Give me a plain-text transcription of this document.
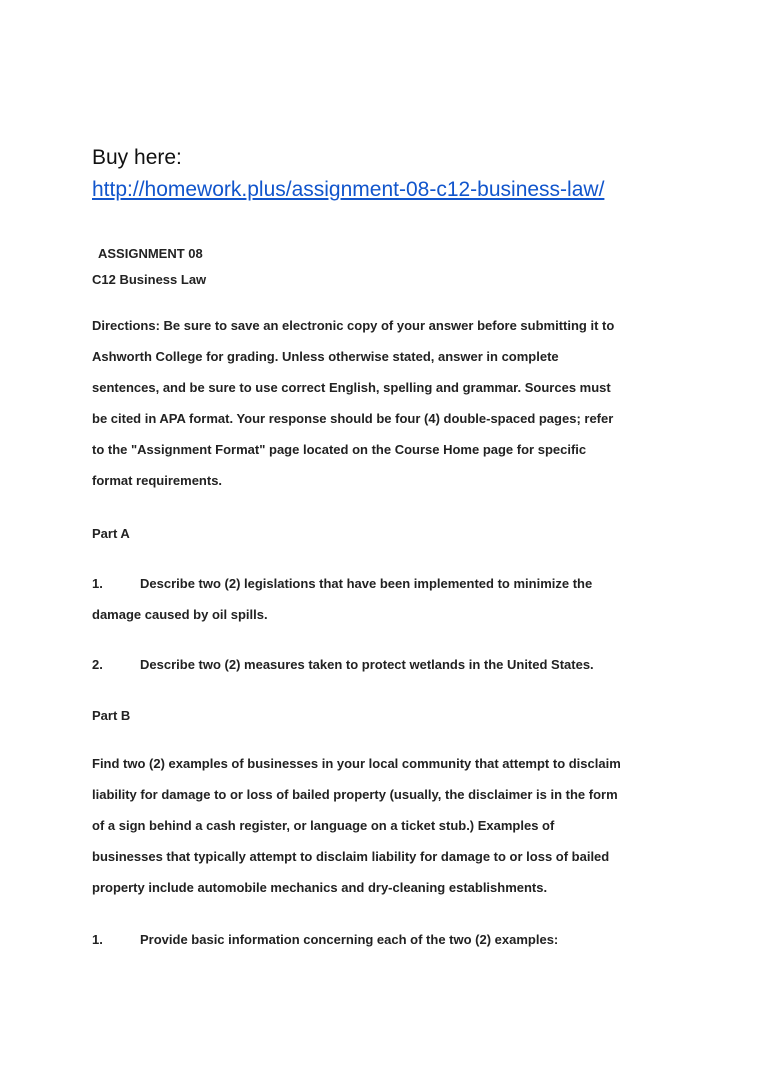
Buy here:

http://homework.plus/assignment-08-c12-business-law/

ASSIGNMENT 08

C12 Business Law

Directions: Be sure to save an electronic copy of your answer before submitting it to
Ashworth College for grading. Unless otherwise stated, answer in complete
sentences, and be sure to use correct English, spelling and grammar. Sources must
be cited in APA format. Your response should be four (4) double-spaced pages; refer
to the "Assignment Format" page located on the Course Home page for specific
format requirements.

Part A

1.	Describe two (2) legislations that have been implemented to minimize the
damage caused by oil spills.
2.	Describe two (2) measures taken to protect wetlands in the United States.

Part B

Find two (2) examples of businesses in your local community that attempt to disclaim
liability for damage to or loss of bailed property (usually, the disclaimer is in the form
of a sign behind a cash register, or language on a ticket stub.) Examples of
businesses that typically attempt to disclaim liability for damage to or loss of bailed
property include automobile mechanics and dry-cleaning establishments.
1.	Provide basic information concerning each of the two (2) examples:
